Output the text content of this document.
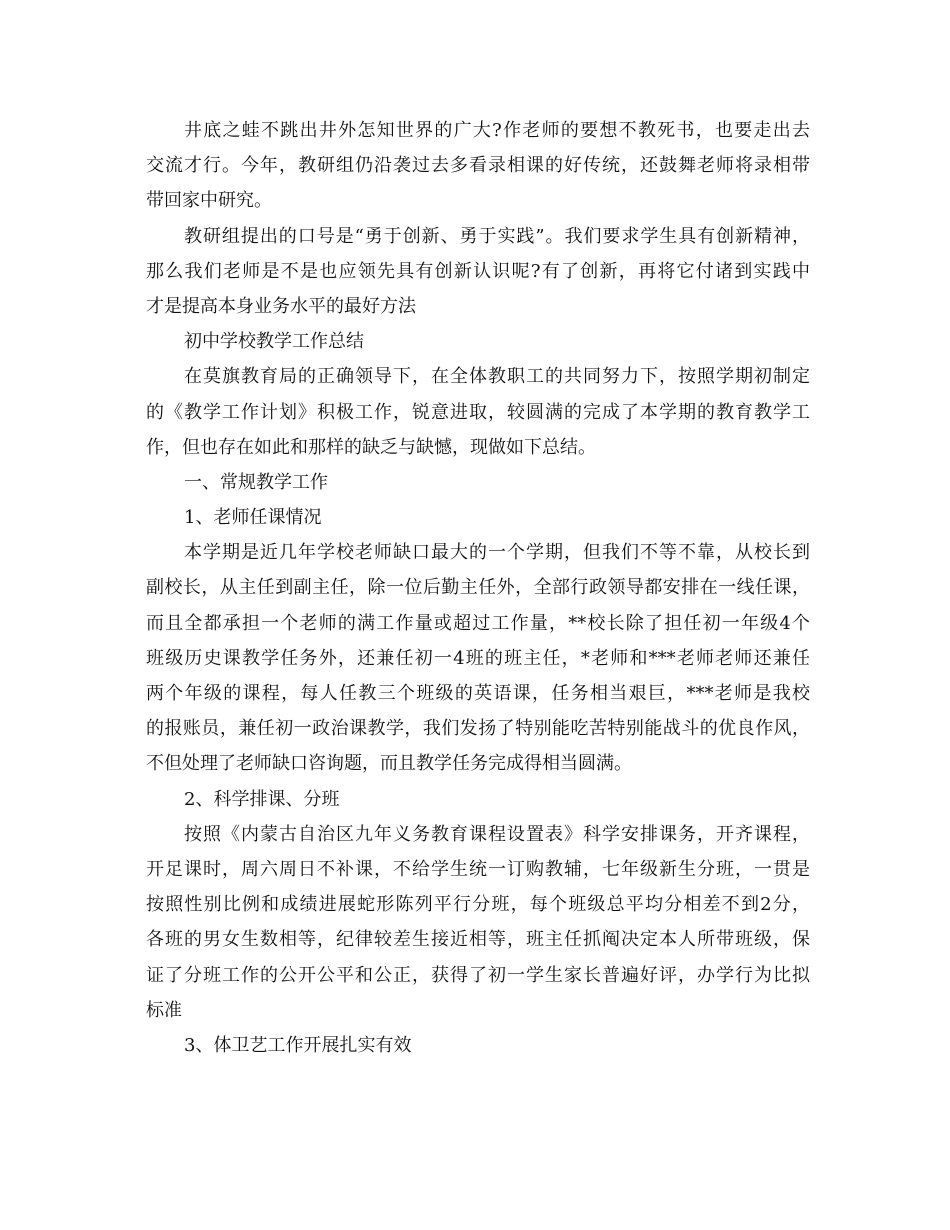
井底之蛙不跳出井外怎知世界的广大?作老师的要想不教死书，也要走出去
交流才行。今年，教研组仍沿袭过去多看录相课的好传统，还鼓舞老师将录相带
带回家中研究。
教研组提出的口号是“勇于创新、勇于实践”。我们要求学生具有创新精神，
那么我们老师是不是也应领先具有创新认识呢?有了创新，再将它付诸到实践中
才是提高本身业务水平的最好方法
初中学校教学工作总结
在莫旗教育局的正确领导下，在全体教职工的共同努力下，按照学期初制定
的《教学工作计划》积极工作，锐意进取，较圆满的完成了本学期的教育教学工
作，但也存在如此和那样的缺乏与缺憾，现做如下总结。
一、常规教学工作
1、老师任课情况
本学期是近几年学校老师缺口最大的一个学期，但我们不等不靠，从校长到
副校长，从主任到副主任，除一位后勤主任外，全部行政领导都安排在一线任课，
而且全都承担一个老师的满工作量或超过工作量，**校长除了担任初一年级4个
班级历史课教学任务外，还兼任初一4班的班主任，*老师和***老师老师还兼任
两个年级的课程，每人任教三个班级的英语课，任务相当艰巨，***老师是我校
的报账员，兼任初一政治课教学，我们发扬了特别能吃苦特别能战斗的优良作风，
不但处理了老师缺口咨询题，而且教学任务完成得相当圆满。
2、科学排课、分班
按照《内蒙古自治区九年义务教育课程设置表》科学安排课务，开齐课程，
开足课时，周六周日不补课，不给学生统一订购教辅，七年级新生分班，一贯是
按照性别比例和成绩进展蛇形陈列平行分班，每个班级总平均分相差不到2分，
各班的男女生数相等，纪律较差生接近相等，班主任抓阄决定本人所带班级，保
证了分班工作的公开公平和公正，获得了初一学生家长普遍好评，办学行为比拟
标准
3、体卫艺工作开展扎实有效
